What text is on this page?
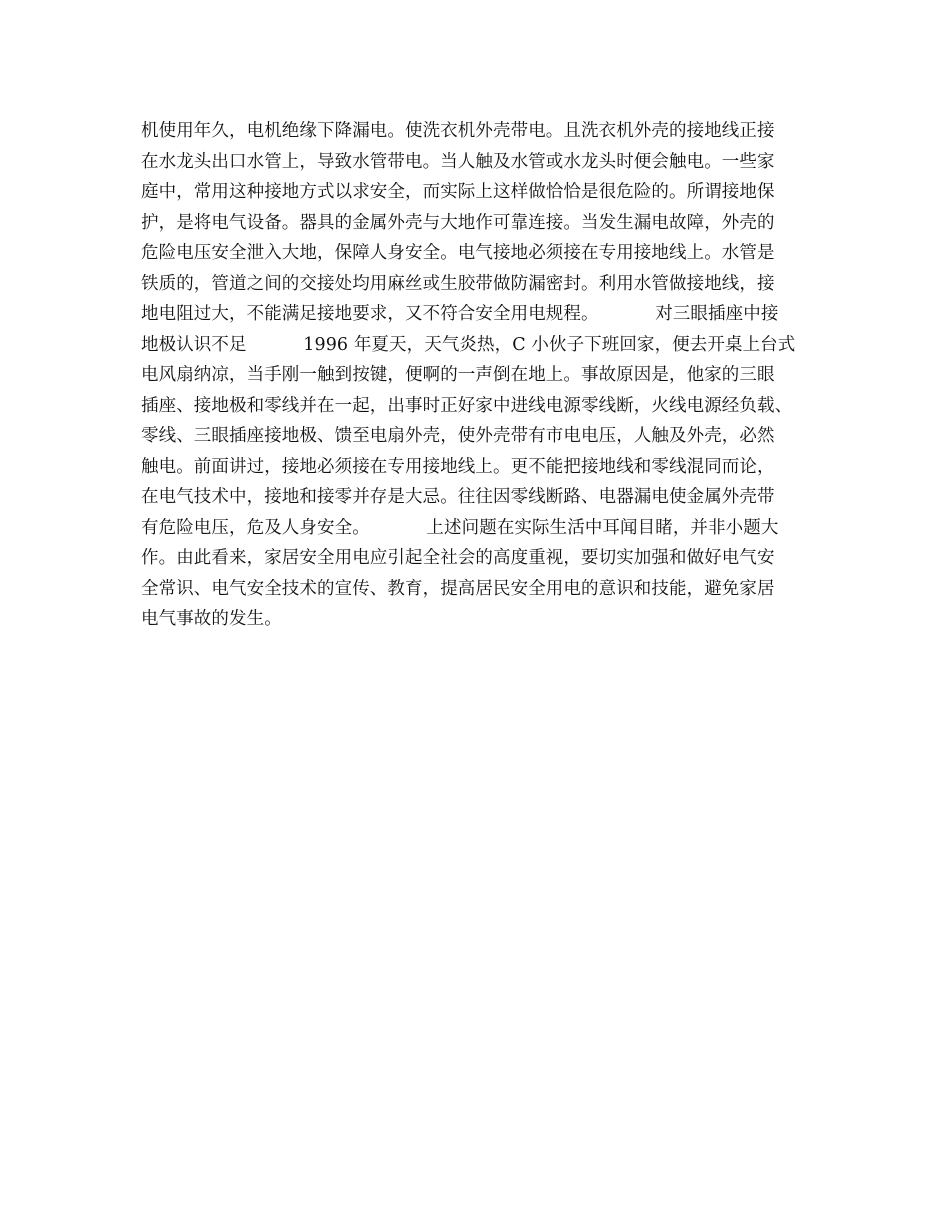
机使用年久，电机绝缘下降漏电。使洗衣机外壳带电。且洗衣机外壳的接地线正接
在水龙头出口水管上，导致水管带电。当人触及水管或水龙头时便会触电。一些家
庭中，常用这种接地方式以求安全，而实际上这样做恰恰是很危险的。所谓接地保
护，是将电气设备。器具的金属外壳与大地作可靠连接。当发生漏电故障，外壳的
危险电压安全泄入大地，保障人身安全。电气接地必须接在专用接地线上。水管是
铁质的，管道之间的交接处均用麻丝或生胶带做防漏密封。利用水管做接地线，接
地电阻过大，不能满足接地要求，又不符合安全用电规程。          对三眼插座中接
地极认识不足          1996 年夏天，天气炎热，C 小伙子下班回家，便去开桌上台式
电风扇纳凉，当手刚一触到按键，便啊的一声倒在地上。事故原因是，他家的三眼
插座、接地极和零线并在一起，出事时正好家中进线电源零线断，火线电源经负载、
零线、三眼插座接地极、馈至电扇外壳，使外壳带有市电电压，人触及外壳，必然
触电。前面讲过，接地必须接在专用接地线上。更不能把接地线和零线混同而论，
在电气技术中，接地和接零并存是大忌。往往因零线断路、电器漏电使金属外壳带
有危险电压，危及人身安全。          上述问题在实际生活中耳闻目睹，并非小题大
作。由此看来，家居安全用电应引起全社会的高度重视，要切实加强和做好电气安
全常识、电气安全技术的宣传、教育，提高居民安全用电的意识和技能，避免家居
电气事故的发生。
